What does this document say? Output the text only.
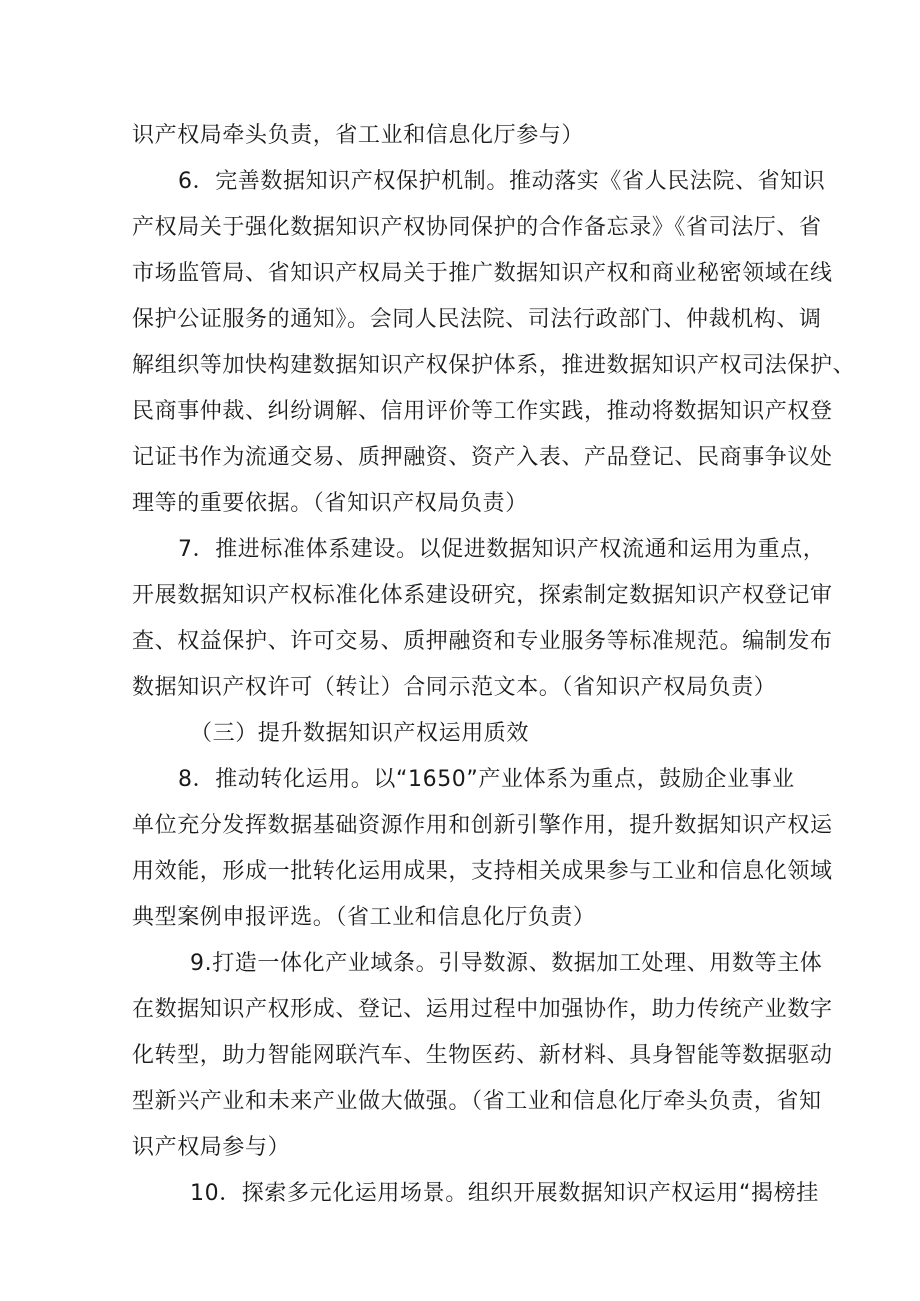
识产权局牵头负责，省工业和信息化厅参与）
6．完善数据知识产权保护机制。推动落实《省人民法院、省知识
产权局关于强化数据知识产权协同保护的合作备忘录》《省司法厅、省
市场监管局、省知识产权局关于推广数据知识产权和商业秘密领域在线
保护公证服务的通知》。会同人民法院、司法行政部门、仲裁机构、调
解组织等加快构建数据知识产权保护体系，推进数据知识产权司法保护、
民商事仲裁、纠纷调解、信用评价等工作实践，推动将数据知识产权登
记证书作为流通交易、质押融资、资产入表、产品登记、民商事争议处
理等的重要依据。（省知识产权局负责）
7．推进标准体系建设。以促进数据知识产权流通和运用为重点，
开展数据知识产权标准化体系建设研究，探索制定数据知识产权登记审
查、权益保护、许可交易、质押融资和专业服务等标准规范。编制发布
数据知识产权许可（转让）合同示范文本。（省知识产权局负责）
（三）提升数据知识产权运用质效
8．推动转化运用。以“1650”产业体系为重点，鼓励企业事业
单位充分发挥数据基础资源作用和创新引擎作用，提升数据知识产权运
用效能，形成一批转化运用成果，支持相关成果参与工业和信息化领域
典型案例申报评选。（省工业和信息化厅负责）
9.打造一体化产业域条。引导数源、数据加工处理、用数等主体
在数据知识产权形成、登记、运用过程中加强协作，助力传统产业数字
化转型，助力智能网联汽车、生物医药、新材料、具身智能等数据驱动
型新兴产业和未来产业做大做强。（省工业和信息化厅牵头负责，省知
识产权局参与）
10．探索多元化运用场景。组织开展数据知识产权运用“揭榜挂
